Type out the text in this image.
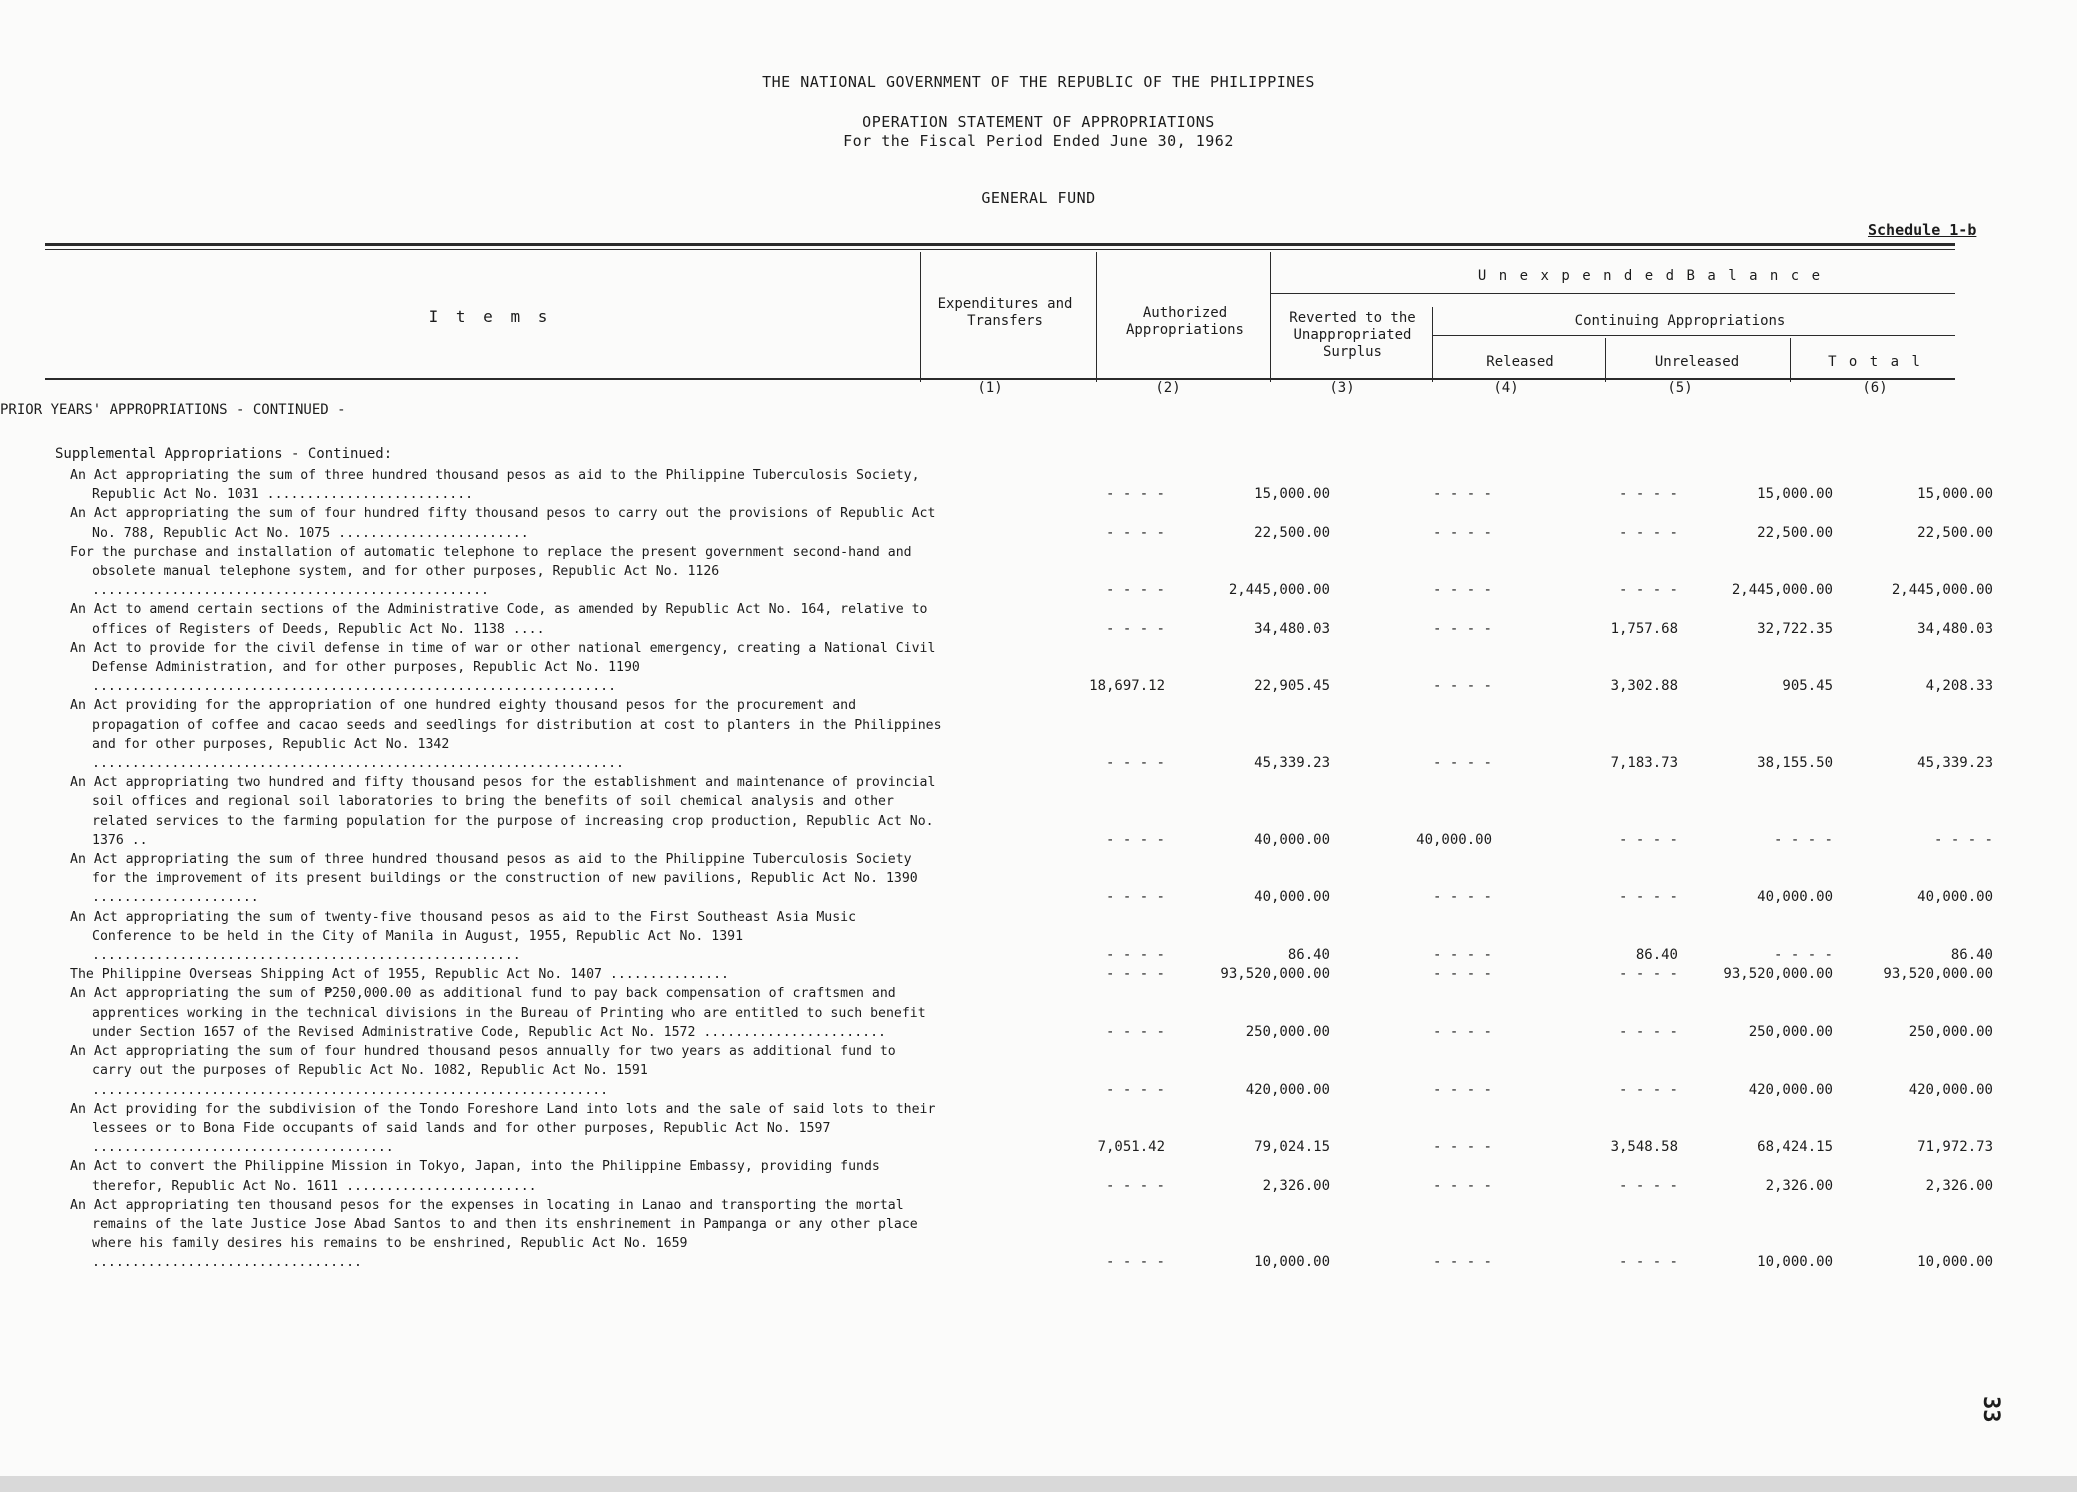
THE NATIONAL GOVERNMENT OF THE REPUBLIC OF THE PHILIPPINES
OPERATION STATEMENT OF APPROPRIATIONS
For the Fiscal Period Ended June 30, 1962
GENERAL FUND
Schedule 1-b
I t e m s
Expenditures and Transfers	Authorized Appropriations
U n e x p e n d e d B a l a n c e
Reverted to the Unappropriated Surplus
Continuing Appropriations
Released	Unreleased	T o t a l
(1)	(2)	(3)	(4)	(5)	(6)
PRIOR YEARS' APPROPRIATIONS - CONTINUED -
Supplemental Appropriations - Continued:
An Act appropriating the sum of three hundred thousand pesos as aid to the Philippine Tuberculosis Society, Republic Act No. 1031 ..........................	- - - -	15,000.00	- - - -	- - - -	15,000.00	15,000.00
An Act appropriating the sum of four hundred fifty thousand pesos to carry out the provisions of Republic Act No. 788, Republic Act No. 1075 ........................	- - - -	22,500.00	- - - -	- - - -	22,500.00	22,500.00
For the purchase and installation of automatic telephone to replace the present government second-hand and obsolete manual telephone system, and for other purposes, Republic Act No. 1126 ..................................................	- - - -	2,445,000.00	- - - -	- - - -	2,445,000.00	2,445,000.00
An Act to amend certain sections of the Administrative Code, as amended by Republic Act No. 164, relative to offices of Registers of Deeds, Republic Act No. 1138 ....	- - - -	34,480.03	- - - -	1,757.68	32,722.35	34,480.03
An Act to provide for the civil defense in time of war or other national emergency, creating a National Civil Defense Administration, and for other purposes, Republic Act No. 1190 ..................................................................	18,697.12	22,905.45	- - - -	3,302.88	905.45	4,208.33
An Act providing for the appropriation of one hundred eighty thousand pesos for the procurement and propagation of coffee and cacao seeds and seedlings for distribution at cost to planters in the Philippines and for other purposes, Republic Act No. 1342 ...................................................................	- - - -	45,339.23	- - - -	7,183.73	38,155.50	45,339.23
An Act appropriating two hundred and fifty thousand pesos for the establishment and maintenance of provincial soil offices and regional soil laboratories to bring the benefits of soil chemical analysis and other related services to the farming population for the purpose of increasing crop production, Republic Act No. 1376 ..	- - - -	40,000.00	40,000.00	- - - -	- - - -	- - - -
An Act appropriating the sum of three hundred thousand pesos as aid to the Philippine Tuberculosis Society for the improvement of its present buildings or the construction of new pavilions, Republic Act No. 1390 .....................	- - - -	40,000.00	- - - -	- - - -	40,000.00	40,000.00
An Act appropriating the sum of twenty-five thousand pesos as aid to the First Southeast Asia Music Conference to be held in the City of Manila in August, 1955, Republic Act No. 1391 ......................................................	- - - -	86.40	- - - -	86.40	- - - -	86.40
The Philippine Overseas Shipping Act of 1955, Republic Act No. 1407 ...............	- - - -	93,520,000.00	- - - -	- - - -	93,520,000.00	93,520,000.00
An Act appropriating the sum of ₱250,000.00 as additional fund to pay back compensation of craftsmen and apprentices working in the technical divisions in the Bureau of Printing who are entitled to such benefit under Section 1657 of the Revised Administrative Code, Republic Act No. 1572 .......................	- - - -	250,000.00	- - - -	- - - -	250,000.00	250,000.00
An Act appropriating the sum of four hundred thousand pesos annually for two years as additional fund to carry out the purposes of Republic Act No. 1082, Republic Act No. 1591 .................................................................	- - - -	420,000.00	- - - -	- - - -	420,000.00	420,000.00
An Act providing for the subdivision of the Tondo Foreshore Land into lots and the sale of said lots to their lessees or to Bona Fide occupants of said lands and for other purposes, Republic Act No. 1597 ......................................	7,051.42	79,024.15	- - - -	3,548.58	68,424.15	71,972.73
An Act to convert the Philippine Mission in Tokyo, Japan, into the Philippine Embassy, providing funds therefor, Republic Act No. 1611 ........................	- - - -	2,326.00	- - - -	- - - -	2,326.00	2,326.00
An Act appropriating ten thousand pesos for the expenses in locating in Lanao and transporting the mortal remains of the late Justice Jose Abad Santos to and then its enshrinement in Pampanga or any other place where his family desires his remains to be enshrined, Republic Act No. 1659 ..................................	- - - -	10,000.00	- - - -	- - - -	10,000.00	10,000.00
33
